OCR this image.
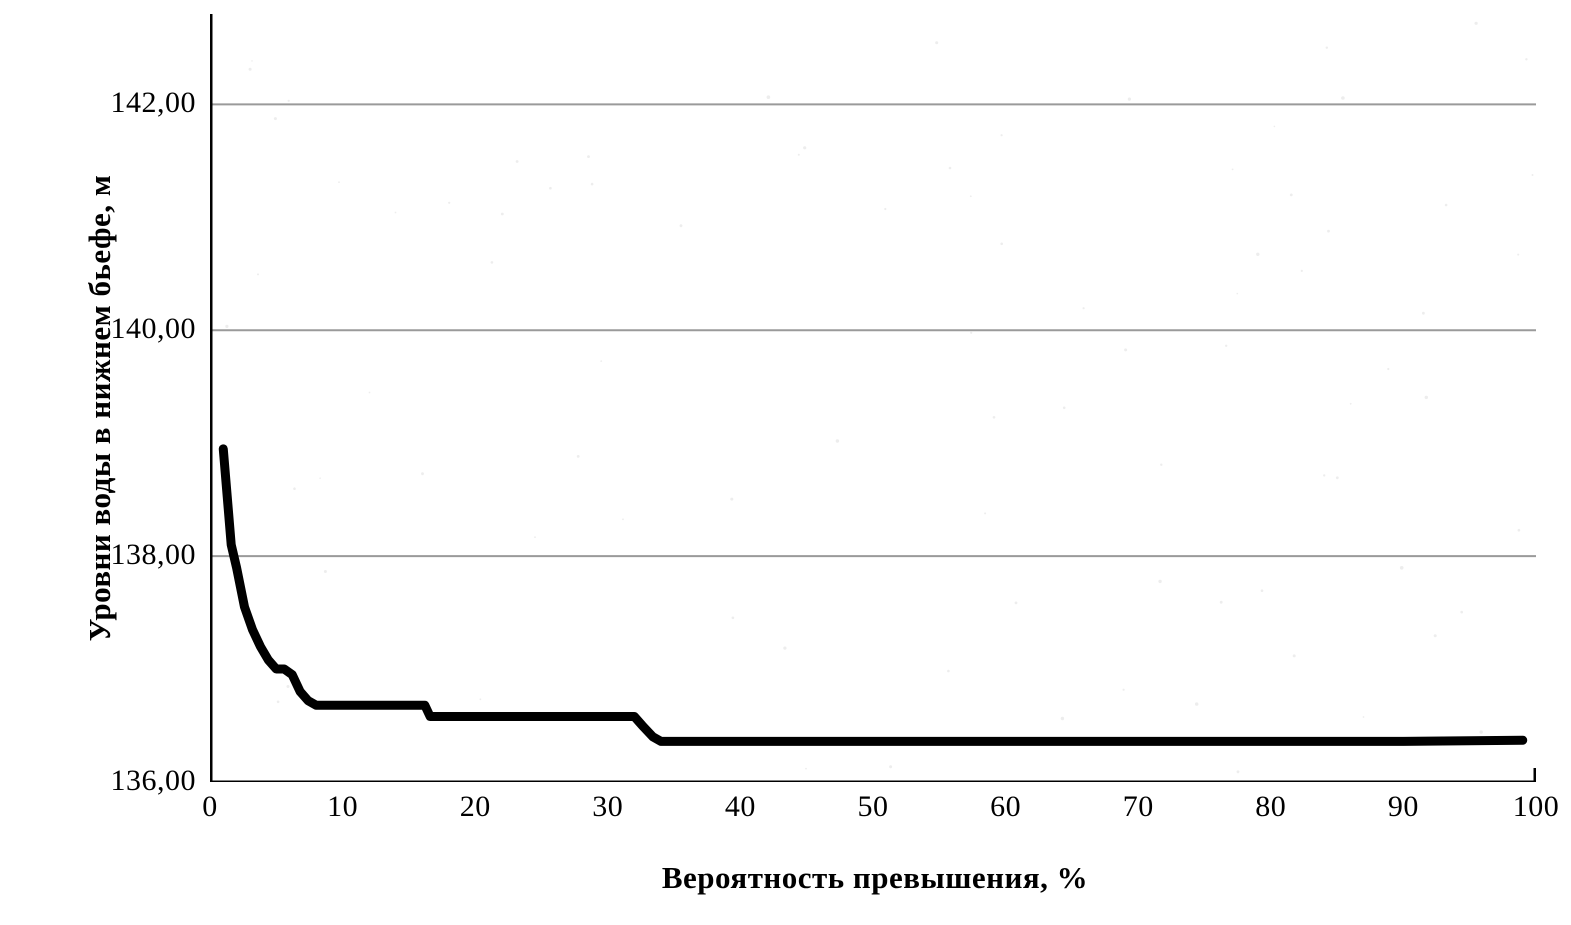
Уровни воды в нижнем бьефе, м
136,00
138,00
140,00
142,00
0	10	20	30	40	50	60	70	80	90	100
Вероятность превышения, %
